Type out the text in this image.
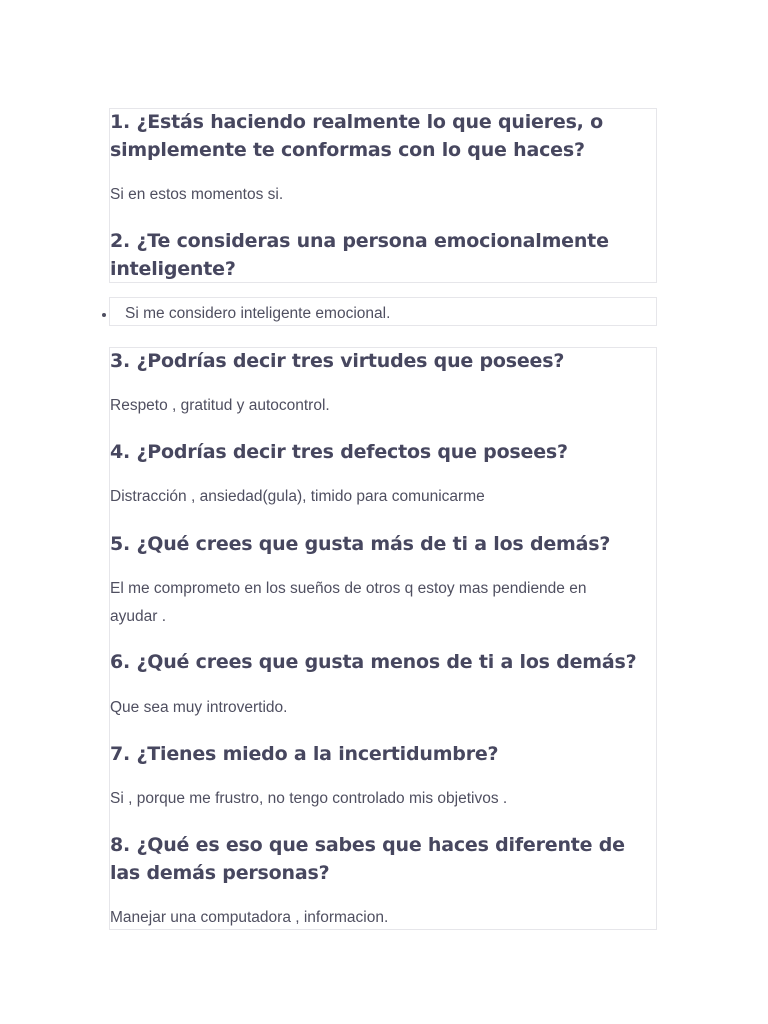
1. ¿Estás haciendo realmente lo que quieres, o simplemente te conformas con lo que haces?

Si en estos momentos si.

2. ¿Te consideras una persona emocionalmente inteligente?
Si me considero inteligente emocional.
3. ¿Podrías decir tres virtudes que posees?

Respeto , gratitud y autocontrol.

4. ¿Podrías decir tres defectos que posees?

Distracción , ansiedad(gula), timido para comunicarme

5. ¿Qué crees que gusta más de ti a los demás?

El me comprometo en los sueños de otros q estoy mas pendiende en ayudar .

6. ¿Qué crees que gusta menos de ti a los demás?

Que sea muy introvertido.

7. ¿Tienes miedo a la incertidumbre?

Si , porque me frustro, no tengo controlado mis objetivos .

8. ¿Qué es eso que sabes que haces diferente de las demás personas?

Manejar una computadora , informacion.
